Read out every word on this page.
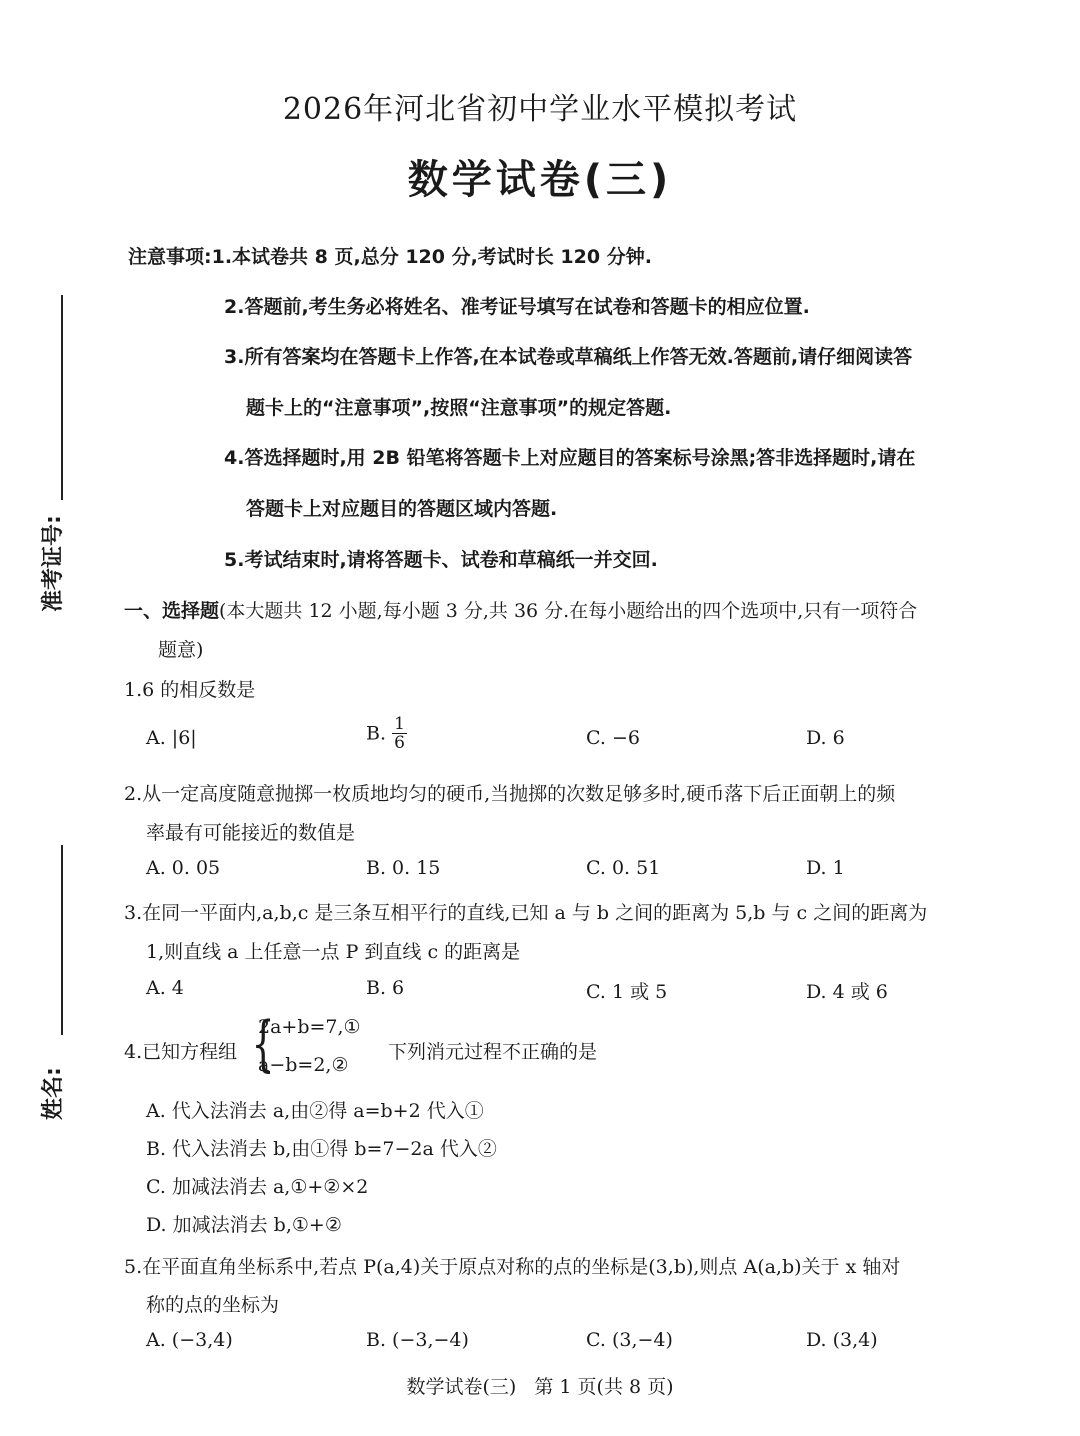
准考证号:
姓名:
2026年河北省初中学业水平模拟考试
数学试卷(三)
注意事项:1.本试卷共 8 页,总分 120 分,考试时长 120 分钟.
2.答题前,考生务必将姓名、准考证号填写在试卷和答题卡的相应位置.
3.所有答案均在答题卡上作答,在本试卷或草稿纸上作答无效.答题前,请仔细阅读答
题卡上的“注意事项”,按照“注意事项”的规定答题.
4.答选择题时,用 2B 铅笔将答题卡上对应题目的答案标号涂黑;答非选择题时,请在
答题卡上对应题目的答题区域内答题.
5.考试结束时,请将答题卡、试卷和草稿纸一并交回.
一、选择题(本大题共 12 小题,每小题 3 分,共 36 分.在每小题给出的四个选项中,只有一项符合
题意)
1.6 的相反数是
A. |6|	B. $\frac{1}{6}$	C. −6	D. 6
2.从一定高度随意抛掷一枚质地均匀的硬币,当抛掷的次数足够多时,硬币落下后正面朝上的频
率最有可能接近的数值是
A. 0. 05	B. 0. 15	C. 0. 51	D. 1
3.在同一平面内,a,b,c 是三条互相平行的直线,已知 a 与 b 之间的距离为 5,b 与 c 之间的距离为
1,则直线 a 上任意一点 P 到直线 c 的距离是
A. 4	B. 6	C. 1 或 5	D. 4 或 6
4.已知方程组 {
2a+b=7,①
a−b=2,②
下列消元过程不正确的是
A. 代入法消去 a,由②得 a=b+2 代入①
B. 代入法消去 b,由①得 b=7−2a 代入②
C. 加减法消去 a,①+②×2
D. 加减法消去 b,①+②
5.在平面直角坐标系中,若点 P(a,4)关于原点对称的点的坐标是(3,b),则点 A(a,b)关于 x 轴对
称的点的坐标为
A. (−3,4)	B. (−3,−4)	C. (3,−4)	D. (3,4)
数学试卷(三)   第 1 页(共 8 页)
